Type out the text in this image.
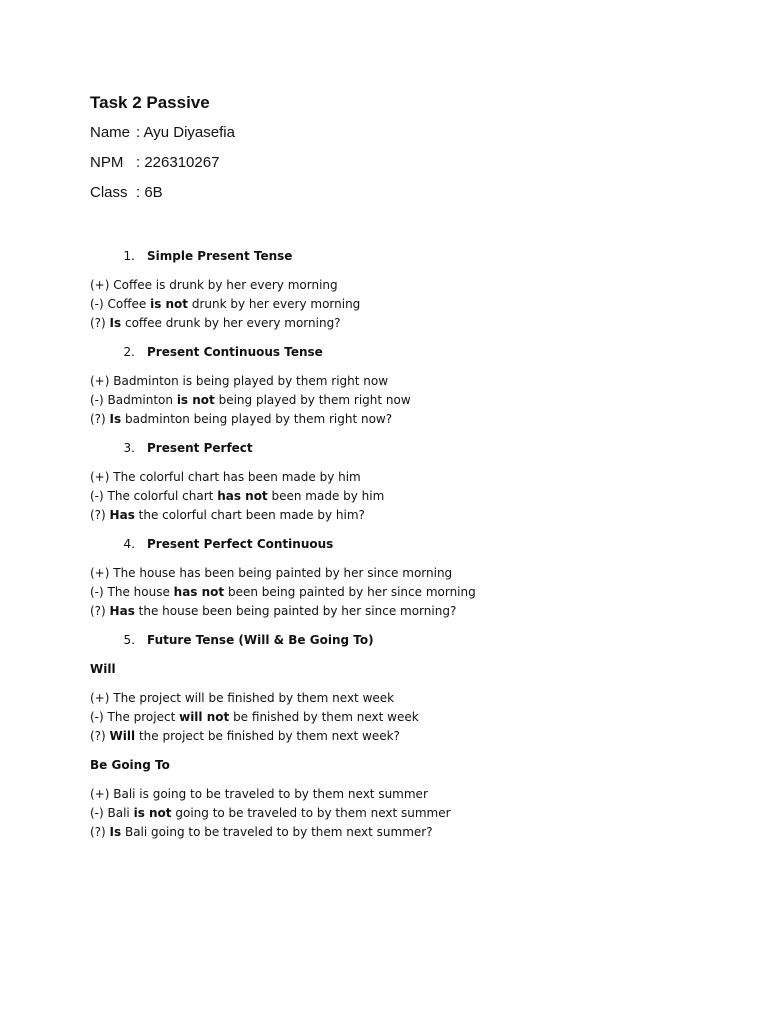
Task 2 Passive
Name : Ayu Diyasefia
NPM : 226310267
Class : 6B
1. Simple Present Tense
(+) Coffee is drunk by her every morning
(-) Coffee is not drunk by her every morning
(?) Is coffee drunk by her every morning?
2. Present Continuous Tense
(+) Badminton is being played by them right now
(-) Badminton is not being played by them right now
(?) Is badminton being played by them right now?
3. Present Perfect
(+) The colorful chart has been made by him
(-) The colorful chart has not been made by him
(?) Has the colorful chart been made by him?
4. Present Perfect Continuous
(+) The house has been being painted by her since morning
(-) The house has not been being painted by her since morning
(?) Has the house been being painted by her since morning?
5. Future Tense (Will & Be Going To)
Will
(+) The project will be finished by them next week
(-) The project will not be finished by them next week
(?) Will the project be finished by them next week?
Be Going To
(+) Bali is going to be traveled to by them next summer
(-) Bali is not going to be traveled to by them next summer
(?) Is Bali going to be traveled to by them next summer?
